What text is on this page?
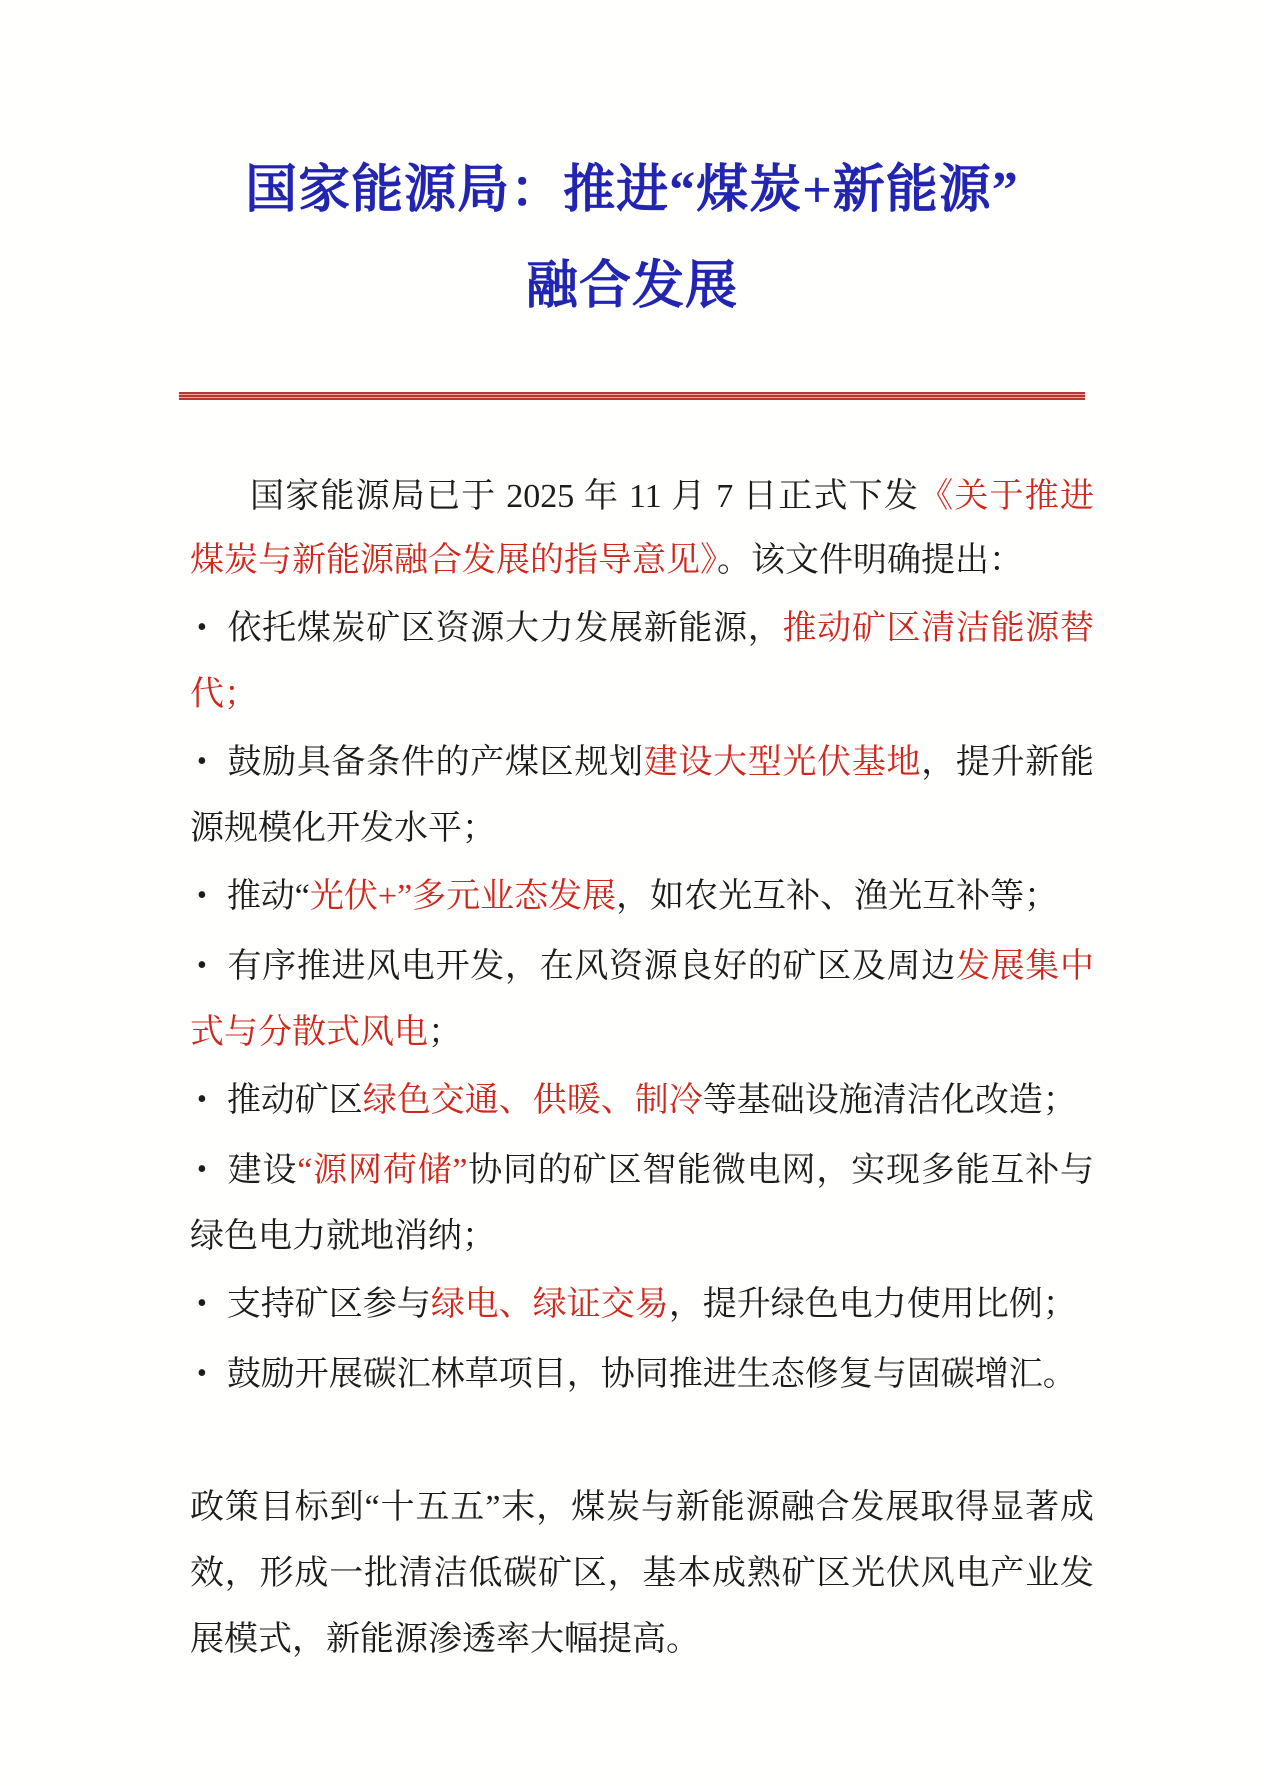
国家能源局：推进“煤炭+新能源”
融合发展

国家能源局已于 2025 年 11 月 7 日正式下发《关于推进煤炭与新能源融合发展的指导意见》。该文件明确提出：

• 依托煤炭矿区资源大力发展新能源，推动矿区清洁能源替代；
• 鼓励具备条件的产煤区规划建设大型光伏基地，提升新能源规模化开发水平；
• 推动“光伏+”多元业态发展，如农光互补、渔光互补等；
• 有序推进风电开发，在风资源良好的矿区及周边发展集中式与分散式风电；
• 推动矿区绿色交通、供暖、制冷等基础设施清洁化改造；
• 建设“源网荷储”协同的矿区智能微电网，实现多能互补与绿色电力就地消纳；
• 支持矿区参与绿电、绿证交易，提升绿色电力使用比例；
• 鼓励开展碳汇林草项目，协同推进生态修复与固碳增汇。

政策目标到“十五五”末，煤炭与新能源融合发展取得显著成效，形成一批清洁低碳矿区，基本成熟矿区光伏风电产业发展模式，新能源渗透率大幅提高。
